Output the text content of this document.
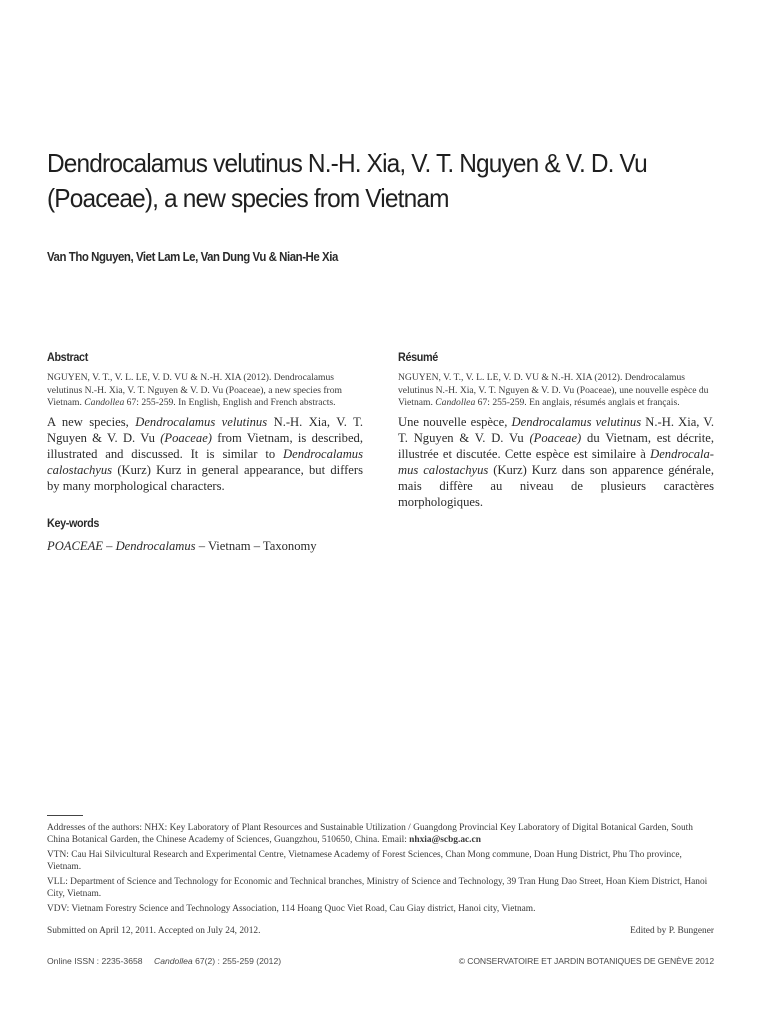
Dendrocalamus velutinus N.-H. Xia, V. T. Nguyen & V. D. Vu
(Poaceae), a new species from Vietnam
Van Tho Nguyen, Viet Lam Le, Van Dung Vu & Nian-He Xia
Abstract

NGUYEN, V. T., V. L. LE, V. D. VU & N.-H. XIA (2012). Dendrocalamus velutinus N.-H. Xia, V. T. Nguyen & V. D. Vu (Poaceae), a new species from Vietnam. Candollea 67: 255-259. In English, English and French abstracts.

A new species, Dendrocalamus velutinus N.-H. Xia, V. T. Nguyen & V. D. Vu (Poaceae) from Vietnam, is described, illustrated and discussed. It is similar to Dendrocalamus calostachyus (Kurz) Kurz in general appearance, but differs by many morphological characters.

Résumé

NGUYEN, V. T., V. L. LE, V. D. VU & N.-H. XIA (2012). Dendrocalamus velutinus N.-H. Xia, V. T. Nguyen & V. D. Vu (Poaceae), une nouvelle espèce du Vietnam. Candollea 67: 255-259. En anglais, résumés anglais et français.

Une nouvelle espèce, Dendrocalamus velutinus N.-H. Xia, V. T. Nguyen & V. D. Vu (Poaceae) du Vietnam, est décrite, illustrée et discutée. Cette espèce est similaire à Dendrocala-mus calostachyus (Kurz) Kurz dans son apparence générale, mais diffère au niveau de plusieurs caractères morphologiques.

Key-words

POACEAE – Dendrocalamus – Vietnam – Taxonomy

Addresses of the authors: NHX: Key Laboratory of Plant Resources and Sustainable Utilization / Guangdong Provincial Key Laboratory of Digital Botanical Garden, South China Botanical Garden, the Chinese Academy of Sciences, Guangzhou, 510650, China. Email: nhxia@scbg.ac.cn

VTN: Cau Hai Silvicultural Research and Experimental Centre, Vietnamese Academy of Forest Sciences, Chan Mong commune, Doan Hung District, Phu Tho province, Vietnam.

VLL: Department of Science and Technology for Economic and Technical branches, Ministry of Science and Technology, 39 Tran Hung Dao Street, Hoan Kiem District, Hanoi City, Vietnam.

VDV: Vietnam Forestry Science and Technology Association, 114 Hoang Quoc Viet Road, Cau Giay district, Hanoi city, Vietnam.

Submitted on April 12, 2011. Accepted on July 24, 2012.	Edited by P. Bungener
Online ISSN : 2235-3658 Candollea 67(2) : 255-259 (2012)	© CONSERVATOIRE ET JARDIN BOTANIQUES DE GENÈVE 2012
